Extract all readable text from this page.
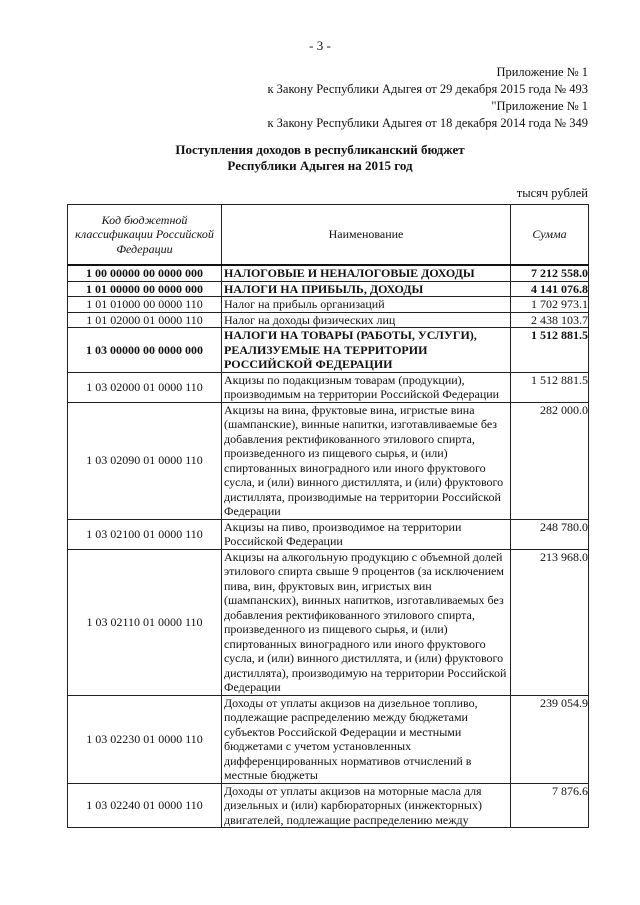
- 3 -
Приложение № 1
к Закону Республики Адыгея от 29 декабря 2015 года № 493
"Приложение № 1
к Закону Республики Адыгея от 18 декабря 2014 года № 349
Поступления доходов в республиканский бюджет
Республики Адыгея на 2015 год
тысяч рублей
Код бюджетной классификации Российской Федерации	Наименование	Сумма
1 00 00000 00 0000 000	НАЛОГОВЫЕ И НЕНАЛОГОВЫЕ ДОХОДЫ	7 212 558.0
1 01 00000 00 0000 000	НАЛОГИ НА ПРИБЫЛЬ, ДОХОДЫ	4 141 076.8
1 01 01000 00 0000 110	Налог на прибыль организаций	1 702 973.1
1 01 02000 01 0000 110	Налог на доходы физических лиц	2 438 103.7
1 03 00000 00 0000 000	НАЛОГИ НА ТОВАРЫ (РАБОТЫ, УСЛУГИ), РЕАЛИЗУЕМЫЕ НА ТЕРРИТОРИИ РОССИЙСКОЙ ФЕДЕРАЦИИ	1 512 881.5
1 03 02000 01 0000 110	Акцизы по подакцизным товарам (продукции), производимым на территории Российской Федерации	1 512 881.5
1 03 02090 01 0000 110	Акцизы на вина, фруктовые вина, игристые вина (шампанские), винные напитки, изготавливаемые без добавления ректификованного этилового спирта, произведенного из пищевого сырья, и (или) спиртованных виноградного или иного фруктового сусла, и (или) винного дистиллята, и (или) фруктового дистиллята, производимые на территории Российской Федерации	282 000.0
1 03 02100 01 0000 110	Акцизы на пиво, производимое на территории Российской Федерации	248 780.0
1 03 02110 01 0000 110	Акцизы на алкогольную продукцию с объемной долей этилового спирта свыше 9 процентов (за исключением пива, вин, фруктовых вин, игристых вин (шампанских), винных напитков, изготавливаемых без добавления ректификованного этилового спирта, произведенного из пищевого сырья, и (или) спиртованных виноградного или иного фруктового сусла, и (или) винного дистиллята, и (или) фруктового дистиллята), производимую на территории Российской Федерации	213 968.0
1 03 02230 01 0000 110	Доходы от уплаты акцизов на дизельное топливо, подлежащие распределению между бюджетами субъектов Российской Федерации и местными бюджетами с учетом установленных дифференцированных нормативов отчислений в местные бюджеты	239 054.9
1 03 02240 01 0000 110	Доходы от уплаты акцизов на моторные масла для дизельных и (или) карбюраторных (инжекторных) двигателей, подлежащие распределению между	7 876.6
